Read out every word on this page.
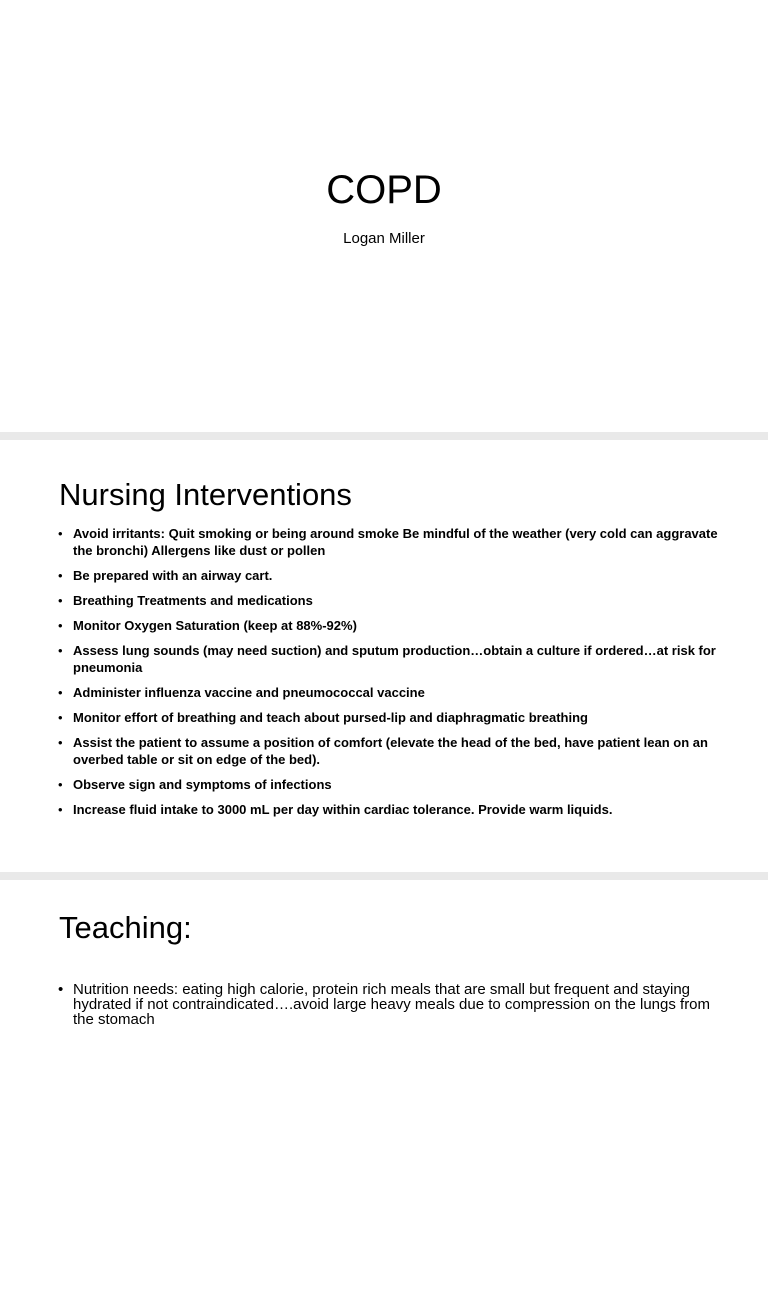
COPD

Logan Miller

Nursing Interventions
• Avoid irritants: Quit smoking or being around smoke Be mindful of the weather (very cold can aggravate the bronchi) Allergens like dust or pollen
• Be prepared with an airway cart.
• Breathing Treatments and medications
• Monitor Oxygen Saturation (keep at 88%-92%)
• Assess lung sounds (may need suction) and sputum production…obtain a culture if ordered…at risk for pneumonia
• Administer influenza vaccine and pneumococcal vaccine
• Monitor effort of breathing and teach about pursed-lip and diaphragmatic breathing
• Assist the patient to assume a position of comfort (elevate the head of the bed, have patient lean on an overbed table or sit on edge of the bed).
• Observe sign and symptoms of infections
• Increase fluid intake to 3000 mL per day within cardiac tolerance. Provide warm liquids.
Teaching:
• Nutrition needs: eating high calorie, protein rich meals that are small but frequent and staying hydrated if not contraindicated….avoid large heavy meals due to compression on the lungs from the stomach
